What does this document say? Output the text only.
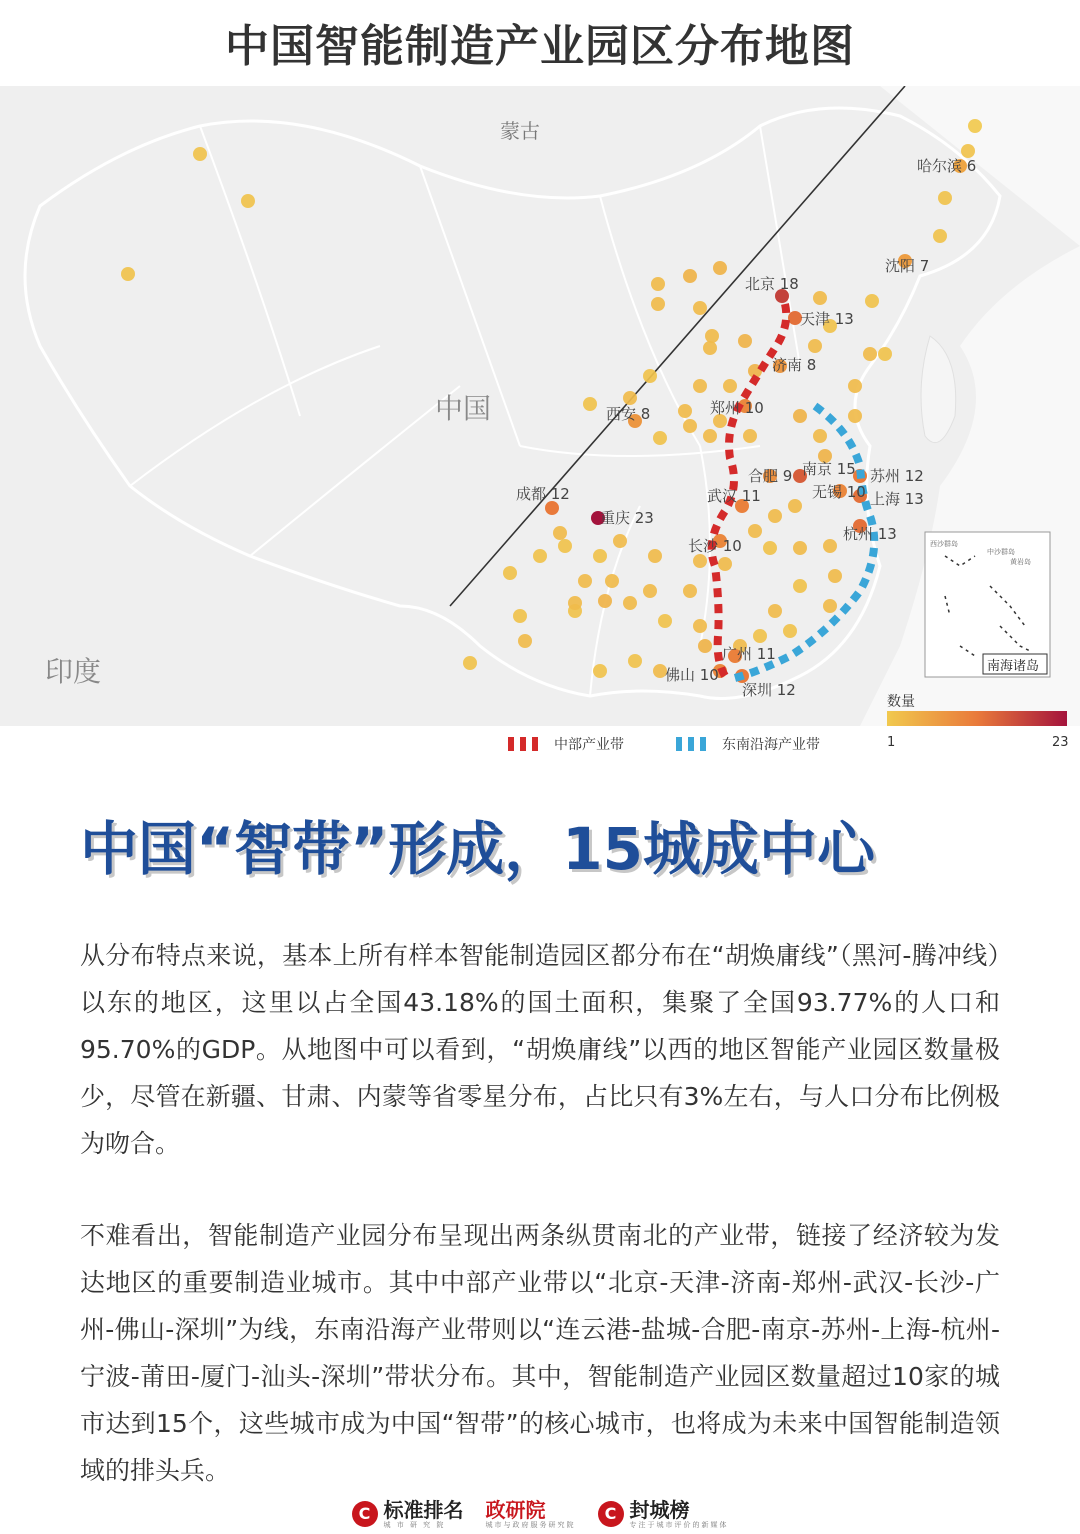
中国智能制造产业园区分布地图
北京 18
天津 13
济南 8
郑州 10
西安 8
合肥 9 南京 15 苏州 12
无锡 10 上海 13
杭州 13
成都 12
重庆 23
武汉 11
长沙 10
广州 11
佛山 10
深圳 12
哈尔滨 6
沈阳 7
蒙古
中国
印度
西沙群岛
中沙群岛
黄岩岛
南海诸岛
数量
1	23
中部产业带	东南沿海产业带
中国“智带”形成，15城成中心

从分布特点来说，基本上所有样本智能制造园区都分布在“胡焕庸线”（黑河-腾冲线）以东的地区，这里以占全国43.18%的国土面积，集聚了全国93.77%的人口和95.70%的GDP。从地图中可以看到，“胡焕庸线”以西的地区智能产业园区数量极少，尽管在新疆、甘肃、内蒙等省零星分布，占比只有3%左右，与人口分布比例极为吻合。

不难看出，智能制造产业园分布呈现出两条纵贯南北的产业带，链接了经济较为发达地区的重要制造业城市。其中中部产业带以“北京-天津-济南-郑州-武汉-长沙-广州-佛山-深圳”为线，东南沿海产业带则以“连云港-盐城-合肥-南京-苏州-上海-杭州-宁波-莆田-厦门-汕头-深圳”带状分布。其中，智能制造产业园区数量超过10家的城市达到15个，这些城市成为中国“智带”的核心城市，也将成为未来中国智能制造领域的排头兵。

C 标准排名
城 市 研 究 院
政研院
城市与政府服务研究院
C 封城榜
专注于城市评价的新媒体
